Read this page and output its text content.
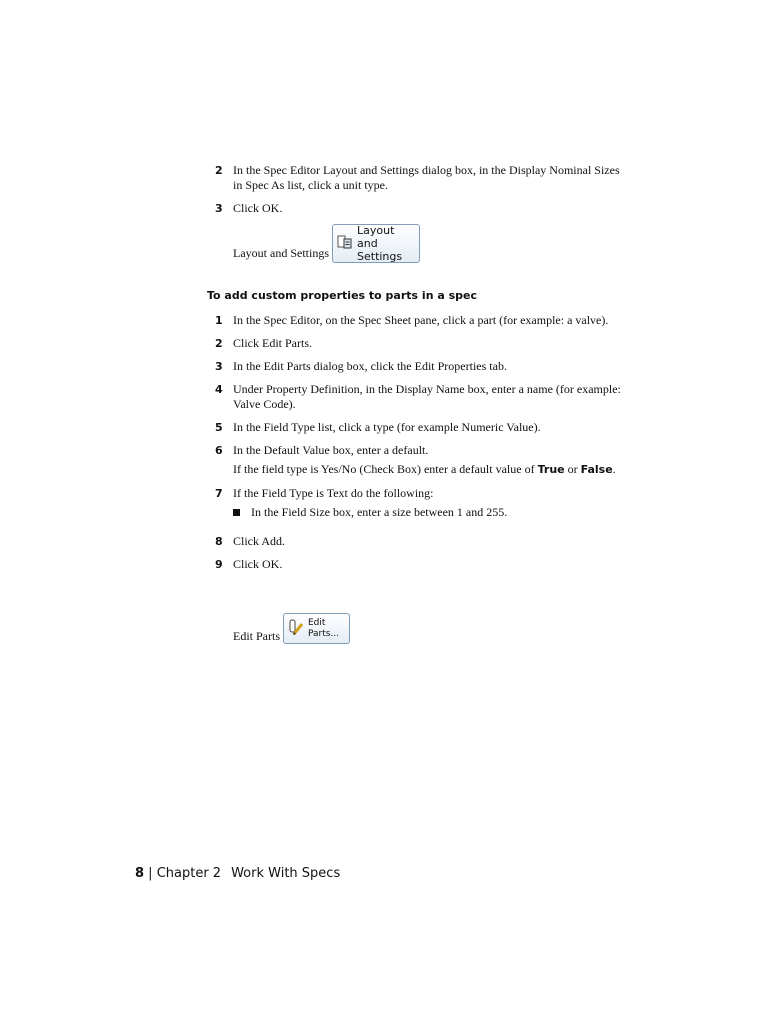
2 In the Spec Editor Layout and Settings dialog box, in the Display Nominal Sizes in Spec As list, click a unit type.
3 Click OK.
Layout and Settings
Layout and Settings
To add custom properties to parts in a spec
1 In the Spec Editor, on the Spec Sheet pane, click a part (for example: a valve).
2 Click Edit Parts.
3 In the Edit Parts dialog box, click the Edit Properties tab.
4 Under Property Definition, in the Display Name box, enter a name (for example: Valve Code).
5 In the Field Type list, click a type (for example Numeric Value).
6 In the Default Value box, enter a default.
If the field type is Yes/No (Check Box) enter a default value of True or False.
7 If the Field Type is Text do the following:
In the Field Size box, enter a size between 1 and 255.
8 Click Add.
9 Click OK.
Edit Parts
Edit Parts...
8 | Chapter 2 Work With Specs
